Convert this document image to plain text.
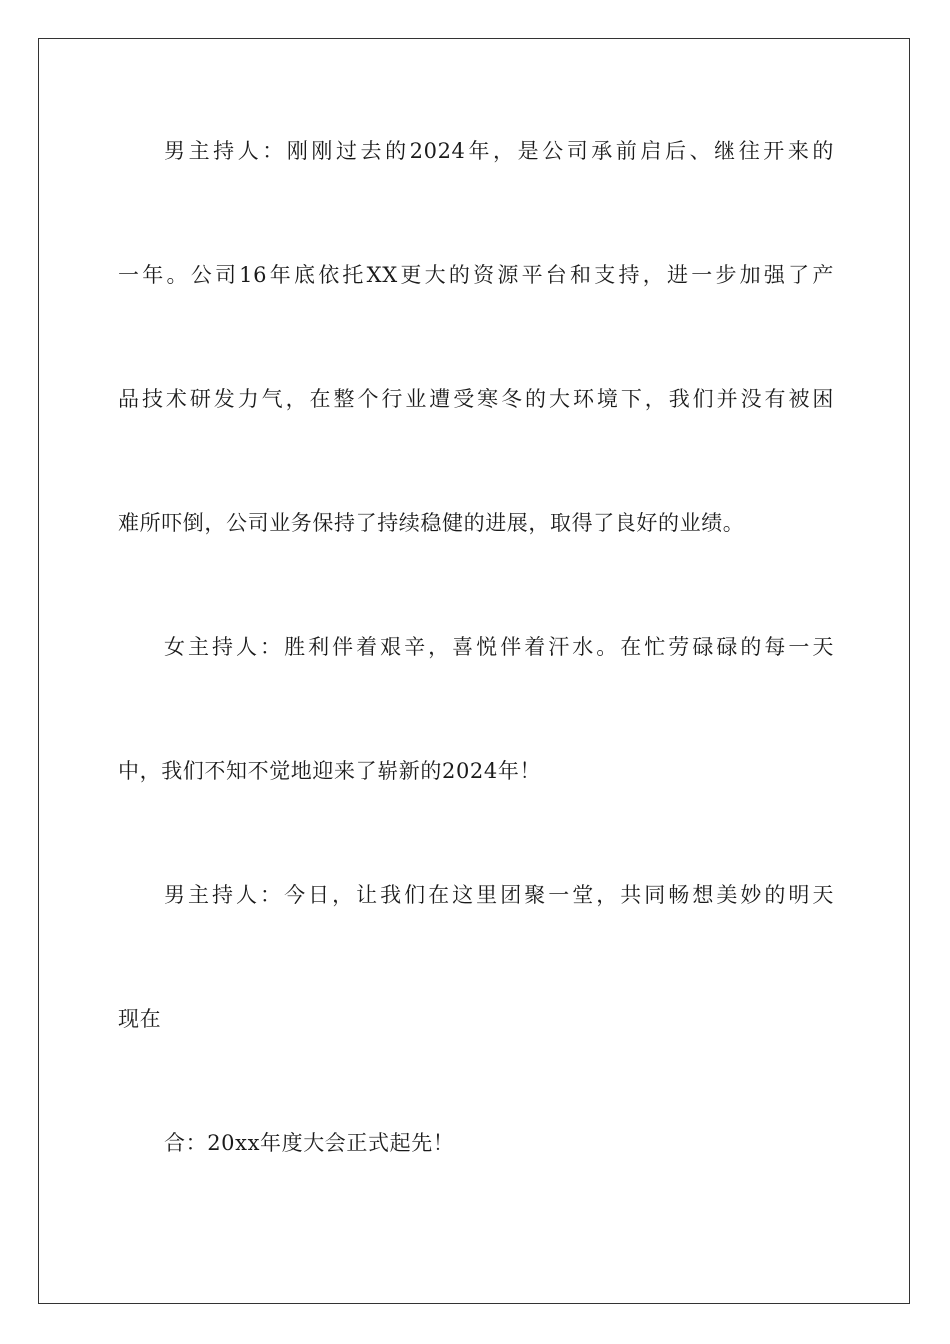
男主持人：刚刚过去的2024年，是公司承前启后、继往开来的
一年。公司16年底依托XX更大的资源平台和支持，进一步加强了产
品技术研发力气，在整个行业遭受寒冬的大环境下，我们并没有被困
难所吓倒，公司业务保持了持续稳健的进展，取得了良好的业绩。
女主持人：胜利伴着艰辛，喜悦伴着汗水。在忙劳碌碌的每一天
中，我们不知不觉地迎来了崭新的2024年！
男主持人：今日，让我们在这里团聚一堂，共同畅想美妙的明天
现在
合：20xx年度大会正式起先！
